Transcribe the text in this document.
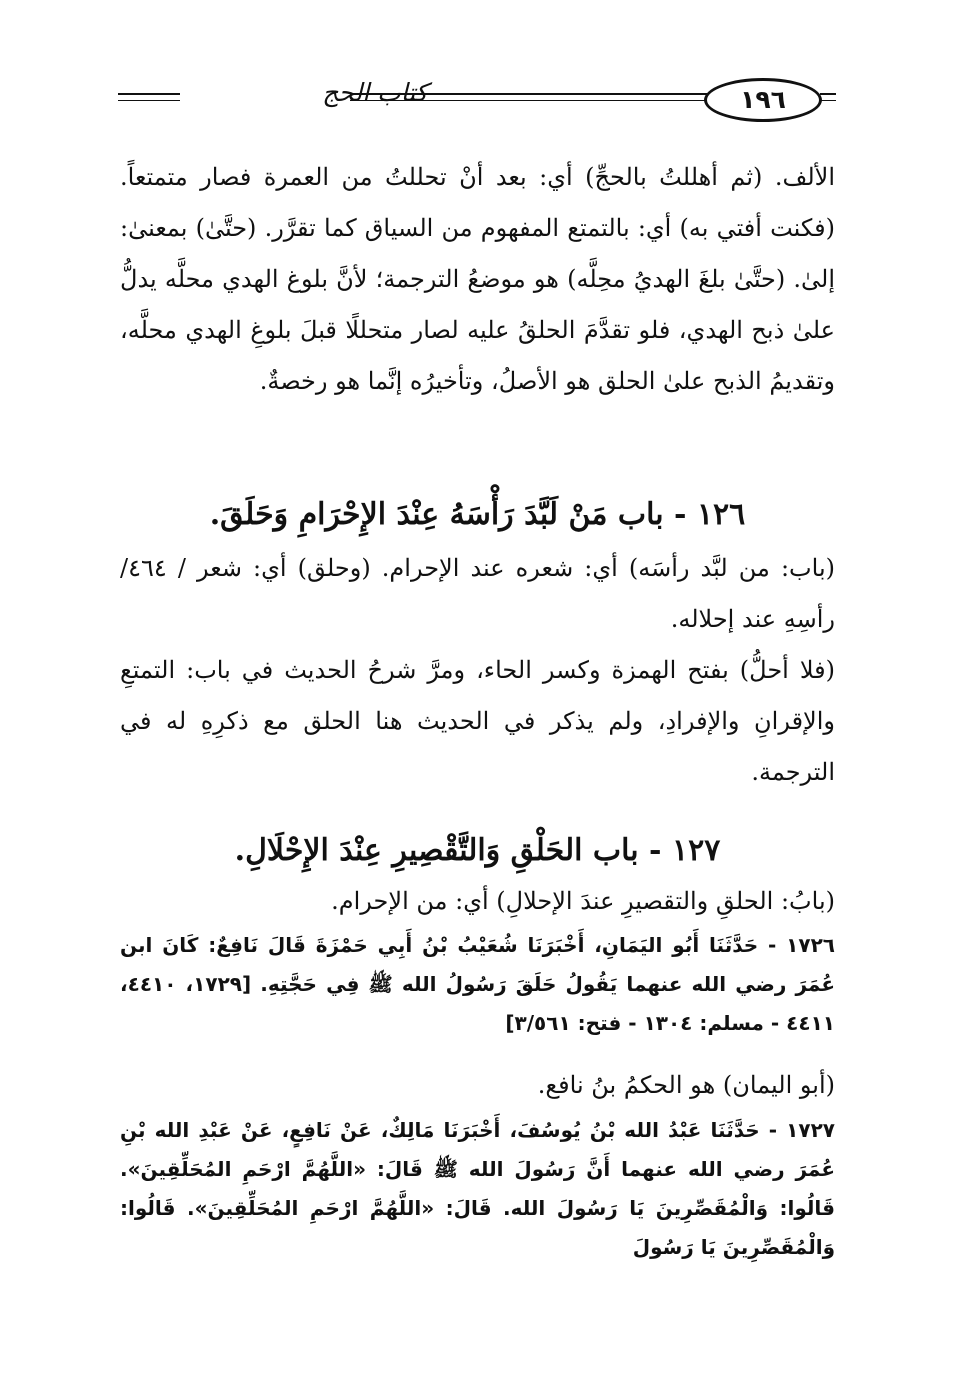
كتاب الحج	١٩٦
الألف. (ثم أهللتُ بالحجِّ) أي: بعد أنْ تحللتُ من العمرة فصار متمتعاً. (فكنت أفتي به) أي: بالتمتع المفهوم من السياق كما تقرَّر. (حتَّىٰ) بمعنىٰ: إلىٰ. (حتَّىٰ بلغَ الهديُ محِلَّه) هو موضعُ الترجمة؛ لأنَّ بلوغ الهدي محلَّه يدلُّ علىٰ ذبح الهدي، فلو تقدَّمَ الحلقُ عليه لصار متحللًا قبلَ بلوغِ الهدي محلَّه، وتقديمُ الذبح علىٰ الحلق هو الأصلُ، وتأخيرُه إنَّما هو رخصةٌ.
١٢٦ - باب مَنْ لَبَّدَ رَأْسَهُ عِنْدَ الإِحْرَامِ وَحَلَقَ.
(باب: من لبَّد رأسَه) أي: شعره عند الإحرام. (وحلق) أي: شعر / ٤٦٤/ رأسِهِ عند إحلاله.
(فلا أحلُّ) بفتح الهمزة وكسر الحاء، ومرَّ شرحُ الحديث في باب: التمتعِ والإقرانِ والإفرادِ، ولم يذكر في الحديث هنا الحلق مع ذكرِهِ له في الترجمة.
١٢٧ - باب الحَلْقِ وَالتَّقْصِيرِ عِنْدَ الإِحْلَالِ.
(بابُ: الحلقِ والتقصيرِ عندَ الإحلالِ) أي: من الإحرام.
١٧٢٦ - حَدَّثَنَا أَبُو اليَمَانِ، أَخْبَرَنَا شُعَيْبُ بْنُ أَبِي حَمْزَةَ قَالَ نَافِعٌ: كَانَ ابن عُمَرَ رضي الله عنهما يَقُولُ حَلَقَ رَسُولُ الله ﷺ فِي حَجَّتِهِ. [١٧٢٩، ٤٤١٠، ٤٤١١ - مسلم: ١٣٠٤ - فتح: ٣/٥٦١]
(أبو اليمان) هو الحكمُ بنُ نافع.
١٧٢٧ - حَدَّثَنَا عَبْدُ الله بْنُ يُوسُفَ، أَخْبَرَنَا مَالِكٌ، عَنْ نَافِعٍ، عَنْ عَبْدِ الله بْنِ عُمَرَ رضي الله عنهما أَنَّ رَسُولَ الله ﷺ قَالَ: «اللَّهُمَّ ارْحَمِ المُحَلِّقِينَ». قَالُوا: وَالْمُقَصِّرِينَ يَا رَسُولَ الله. قَالَ: «اللَّهُمَّ ارْحَمِ المُحَلِّقِينَ». قَالُوا: وَالْمُقَصِّرِينَ يَا رَسُولَ
